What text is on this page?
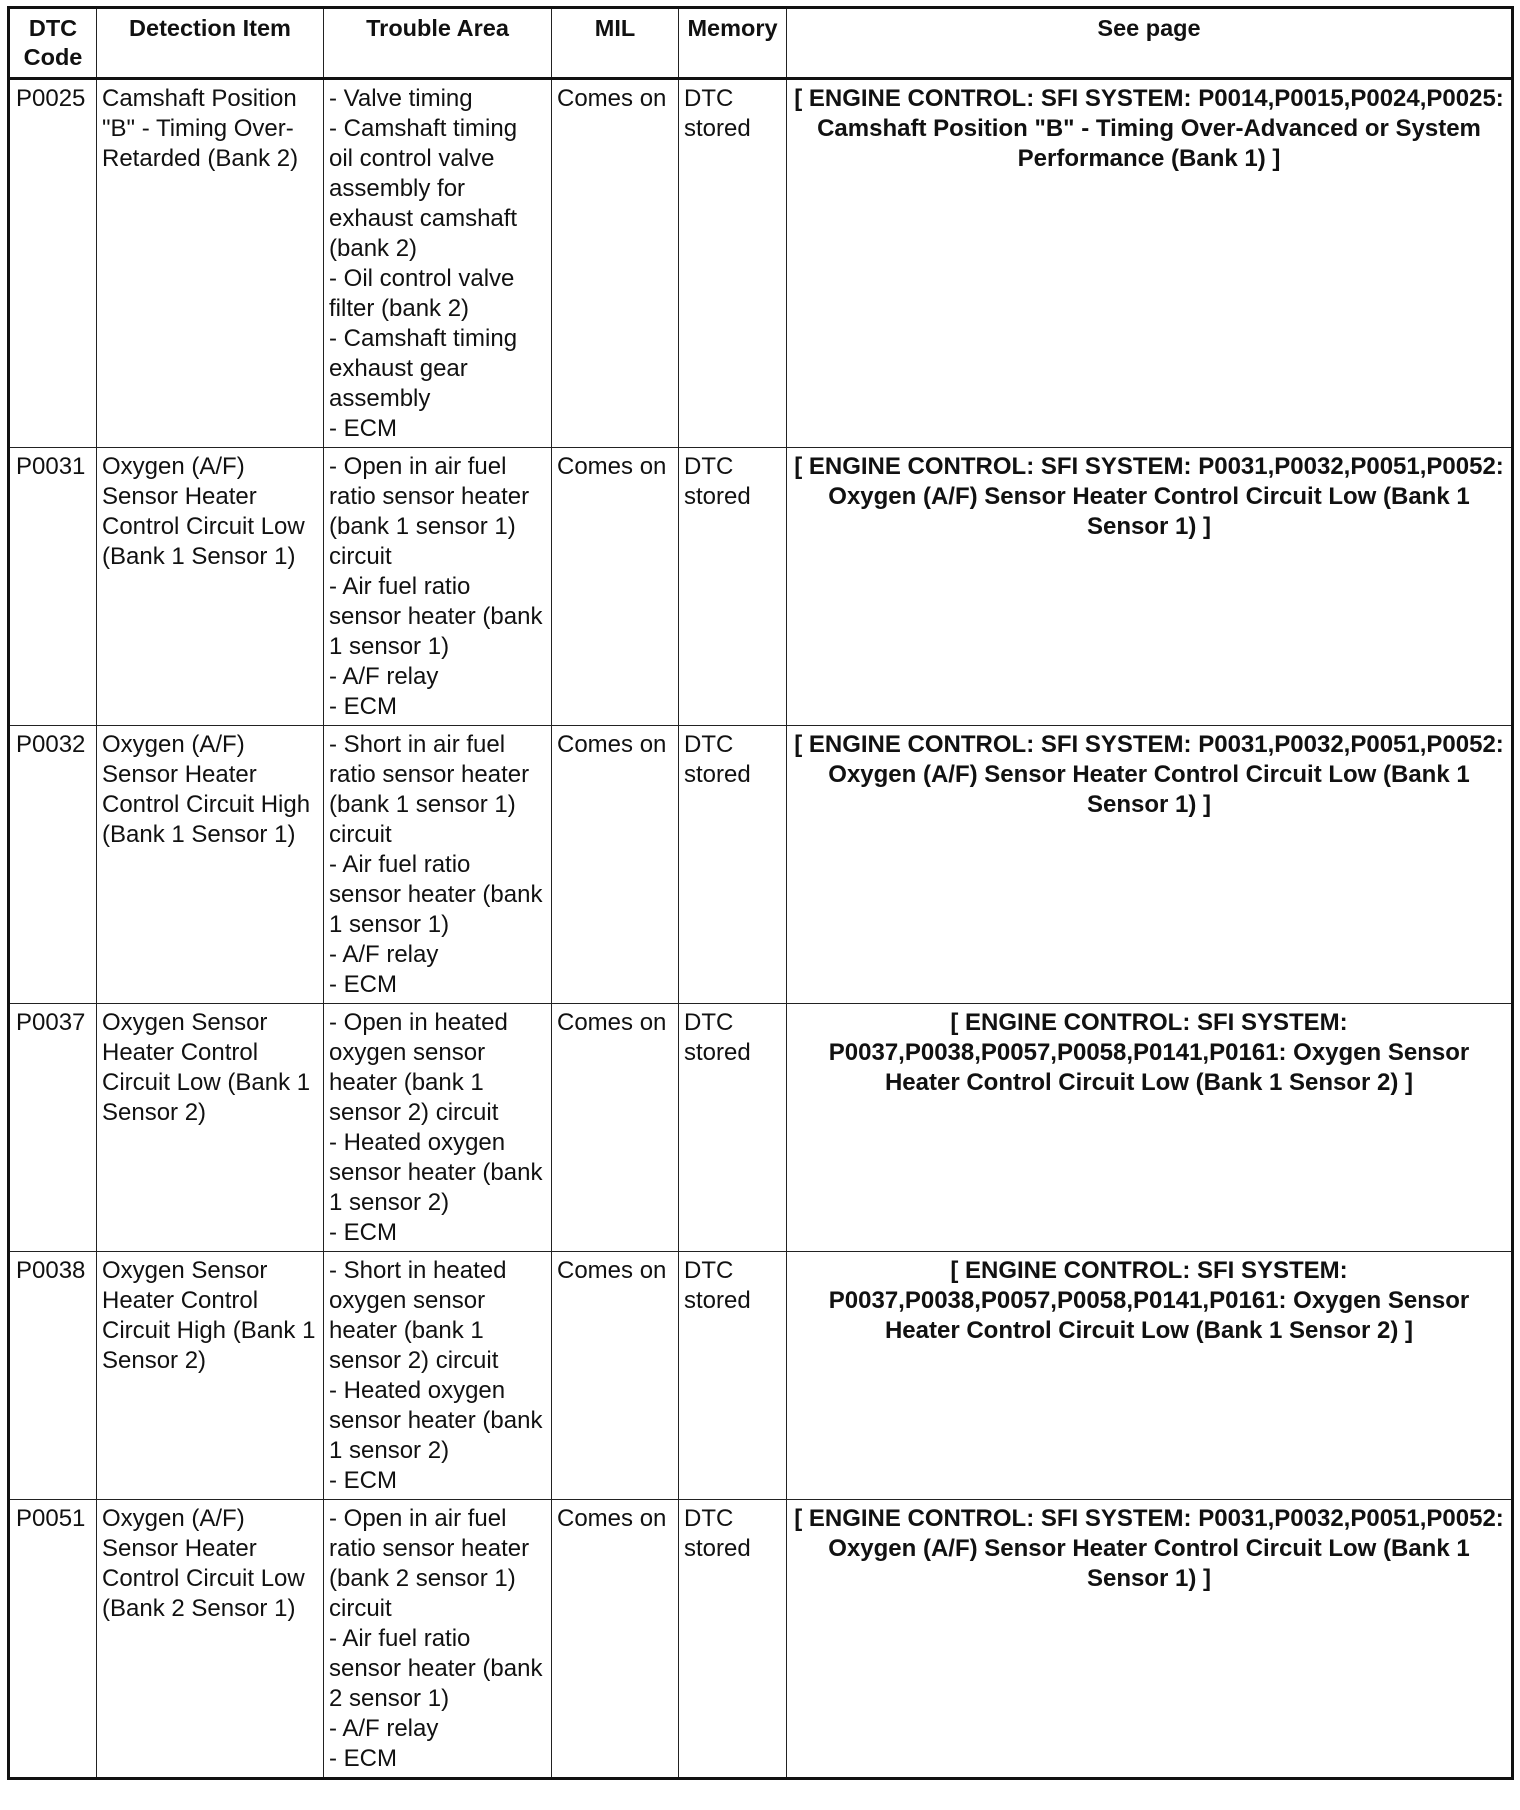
DTC
Code	Detection Item	Trouble Area	MIL	Memory	See page
P0025	Camshaft Position "B" - Timing Over-Retarded (Bank 2)	- Valve timing
- Camshaft timing oil control valve assembly for exhaust camshaft (bank 2)
- Oil control valve filter (bank 2)
- Camshaft timing exhaust gear assembly
- ECM	Comes on	DTC stored	[ ENGINE CONTROL: SFI SYSTEM: P0014,P0015,P0024,P0025: Camshaft Position "B" - Timing Over-Advanced or System Performance (Bank 1) ]
P0031	Oxygen (A/F) Sensor Heater Control Circuit Low (Bank 1 Sensor 1)	- Open in air fuel ratio sensor heater (bank 1 sensor 1) circuit
- Air fuel ratio sensor heater (bank 1 sensor 1)
- A/F relay
- ECM	Comes on	DTC stored	[ ENGINE CONTROL: SFI SYSTEM: P0031,P0032,P0051,P0052: Oxygen (A/F) Sensor Heater Control Circuit Low (Bank 1 Sensor 1) ]
P0032	Oxygen (A/F) Sensor Heater Control Circuit High (Bank 1 Sensor 1)	- Short in air fuel ratio sensor heater (bank 1 sensor 1) circuit
- Air fuel ratio sensor heater (bank 1 sensor 1)
- A/F relay
- ECM	Comes on	DTC stored	[ ENGINE CONTROL: SFI SYSTEM: P0031,P0032,P0051,P0052: Oxygen (A/F) Sensor Heater Control Circuit Low (Bank 1 Sensor 1) ]
P0037	Oxygen Sensor Heater Control Circuit Low (Bank 1 Sensor 2)	- Open in heated oxygen sensor heater (bank 1 sensor 2) circuit
- Heated oxygen sensor heater (bank 1 sensor 2)
- ECM	Comes on	DTC stored	[ ENGINE CONTROL: SFI SYSTEM: P0037,P0038,P0057,P0058,P0141,P0161: Oxygen Sensor Heater Control Circuit Low (Bank 1 Sensor 2) ]
P0038	Oxygen Sensor Heater Control Circuit High (Bank 1 Sensor 2)	- Short in heated oxygen sensor heater (bank 1 sensor 2) circuit
- Heated oxygen sensor heater (bank 1 sensor 2)
- ECM	Comes on	DTC stored	[ ENGINE CONTROL: SFI SYSTEM: P0037,P0038,P0057,P0058,P0141,P0161: Oxygen Sensor Heater Control Circuit Low (Bank 1 Sensor 2) ]
P0051	Oxygen (A/F) Sensor Heater Control Circuit Low (Bank 2 Sensor 1)	- Open in air fuel ratio sensor heater (bank 2 sensor 1) circuit
- Air fuel ratio sensor heater (bank 2 sensor 1)
- A/F relay
- ECM	Comes on	DTC stored	[ ENGINE CONTROL: SFI SYSTEM: P0031,P0032,P0051,P0052: Oxygen (A/F) Sensor Heater Control Circuit Low (Bank 1 Sensor 1) ]
